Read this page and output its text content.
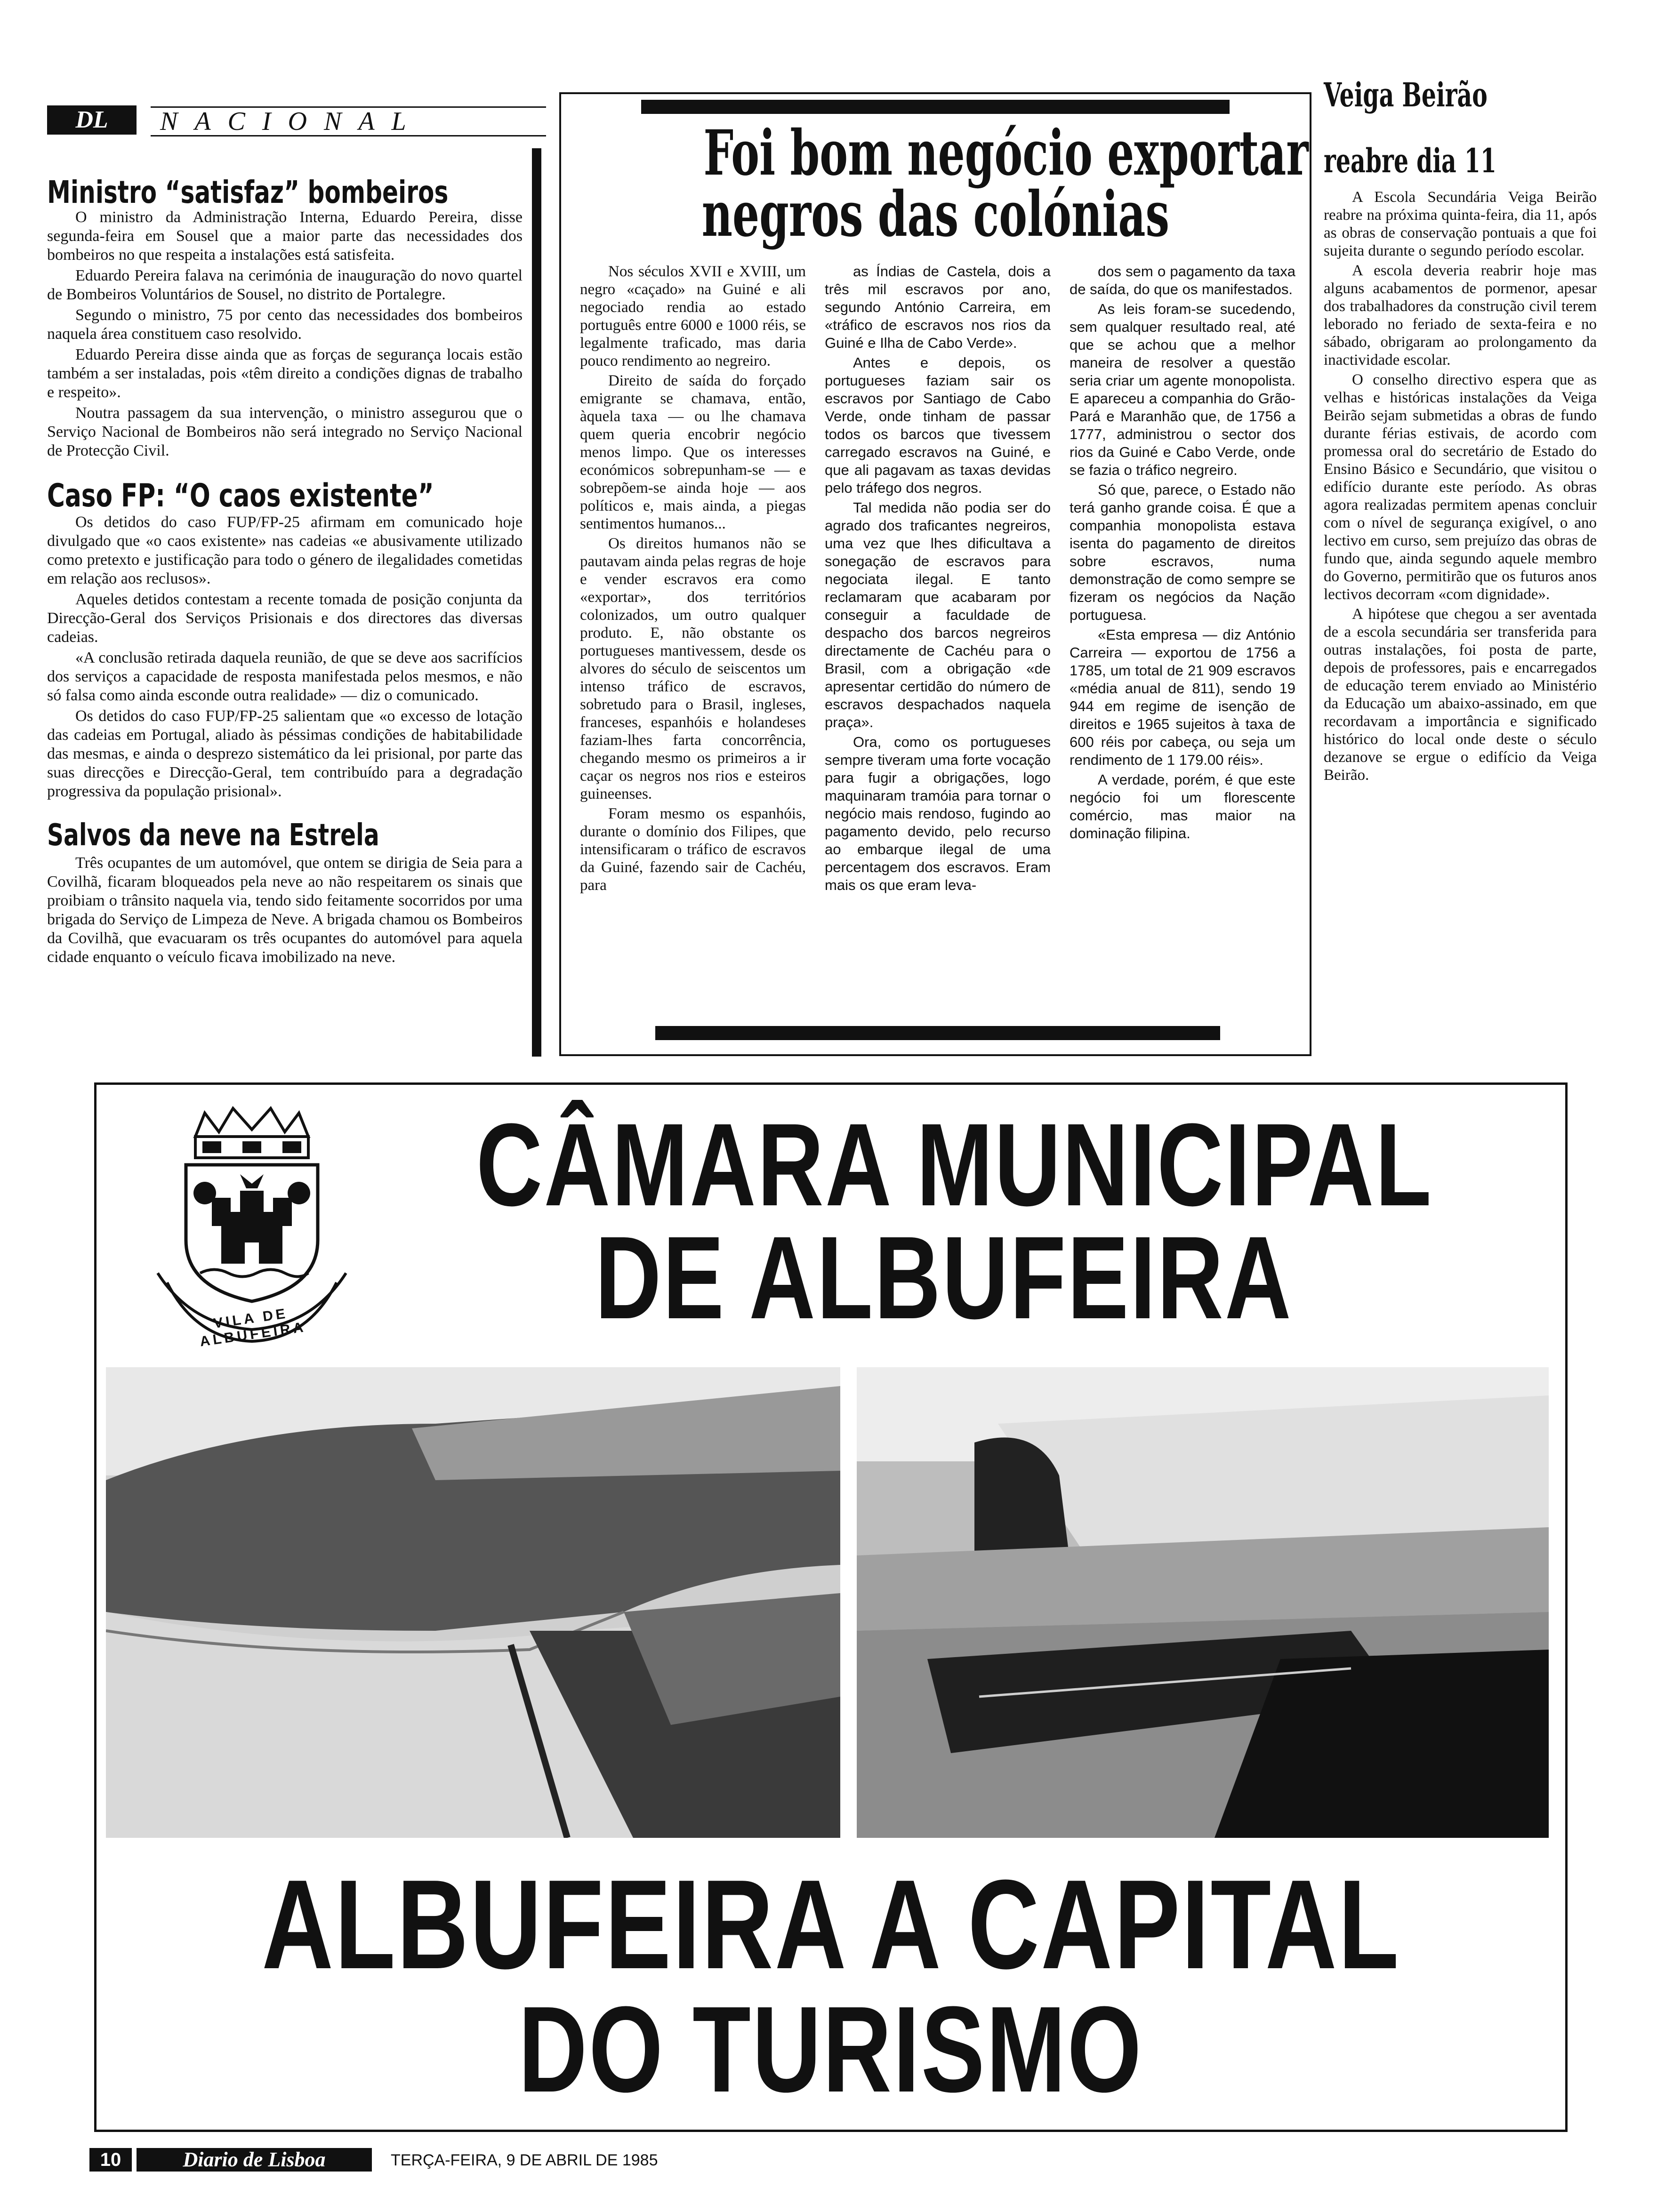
DL	NACIONAL
Ministro “satisfaz” bombeiros

O ministro da Administração Interna, Eduardo Pereira, disse segunda-feira em Sousel que a maior parte das necessidades dos bombeiros no que respeita a instalações está satisfeita.

Eduardo Pereira falava na cerimónia de inauguração do novo quartel de Bombeiros Voluntários de Sousel, no distrito de Portalegre.

Segundo o ministro, 75 por cento das necessidades dos bombeiros naquela área constituem caso resolvido.

Eduardo Pereira disse ainda que as forças de segurança locais estão também a ser instaladas, pois «têm direito a condições dignas de trabalho e respeito».

Noutra passagem da sua intervenção, o ministro assegurou que o Serviço Nacional de Bombeiros não será integrado no Serviço Nacional de Protecção Civil.

Caso FP: “O caos existente”

Os detidos do caso FUP/FP-25 afirmam em comunicado hoje divulgado que «o caos existente» nas cadeias «e abusivamente utilizado como pretexto e justificação para todo o género de ilegalidades cometidas em relação aos reclusos».

Aqueles detidos contestam a recente tomada de posição conjunta da Direcção-Geral dos Serviços Prisionais e dos directores das diversas cadeias.

«A conclusão retirada daquela reunião, de que se deve aos sacrifícios dos serviços a capacidade de resposta manifestada pelos mesmos, e não só falsa como ainda esconde outra realidade» — diz o comunicado.

Os detidos do caso FUP/FP-25 salientam que «o excesso de lotação das cadeias em Portugal, aliado às péssimas condições de habitabilidade das mesmas, e ainda o desprezo sistemático da lei prisional, por parte das suas direcções e Direcção-Geral, tem contribuído para a degradação progressiva da população prisional».

Salvos da neve na Estrela

Três ocupantes de um automóvel, que ontem se dirigia de Seia para a Covilhã, ficaram bloqueados pela neve ao não respeitarem os sinais que proibiam o trânsito naquela via, tendo sido feitamente socorridos por uma brigada do Serviço de Limpeza de Neve. A brigada chamou os Bombeiros da Covilhã, que evacuaram os três ocupantes do automóvel para aquela cidade enquanto o veículo ficava imobilizado na neve.

Foi bom negócio exportar
negros das colónias

Nos séculos XVII e XVIII, um negro «caçado» na Guiné e ali negociado rendia ao estado português entre 6000 e 1000 réis, se legalmente traficado, mas daria pouco rendimento ao negreiro.

Direito de saída do forçado emigrante se chamava, então, àquela taxa — ou lhe chamava quem queria encobrir negócio menos limpo. Que os interesses económicos sobrepunham-se — e sobrepõem-se ainda hoje — aos políticos e, mais ainda, a piegas sentimentos humanos...

Os direitos humanos não se pautavam ainda pelas regras de hoje e vender escravos era como «exportar», dos territórios colonizados, um outro qualquer produto. E, não obstante os portugueses mantivessem, desde os alvores do século de seiscentos um intenso tráfico de escravos, sobretudo para o Brasil, ingleses, franceses, espanhóis e holandeses faziam-lhes farta concorrência, chegando mesmo os primeiros a ir caçar os negros nos rios e esteiros guineenses.

Foram mesmo os espanhóis, durante o domínio dos Filipes, que intensificaram o tráfico de escravos da Guiné, fazendo sair de Cachéu, para

as Índias de Castela, dois a três mil escravos por ano, segundo António Carreira, em «tráfico de escravos nos rios da Guiné e Ilha de Cabo Verde».

Antes e depois, os portugueses faziam sair os escravos por Santiago de Cabo Verde, onde tinham de passar todos os barcos que tivessem carregado escravos na Guiné, e que ali pagavam as taxas devidas pelo tráfego dos negros.

Tal medida não podia ser do agrado dos traficantes negreiros, uma vez que lhes dificultava a sonegação de escravos para negociata ilegal. E tanto reclamaram que acabaram por conseguir a faculdade de despacho dos barcos negreiros directamente de Cachéu para o Brasil, com a obrigação «de apresentar certidão do número de escravos despachados naquela praça».

Ora, como os portugueses sempre tiveram uma forte vocação para fugir a obrigações, logo maquinaram tramóia para tornar o negócio mais rendoso, fugindo ao pagamento devido, pelo recurso ao embarque ilegal de uma percentagem dos escravos. Eram mais os que eram leva-

dos sem o pagamento da taxa de saída, do que os manifestados.

As leis foram-se sucedendo, sem qualquer resultado real, até que se achou que a melhor maneira de resolver a questão seria criar um agente monopolista. E apareceu a companhia do Grão-Pará e Maranhão que, de 1756 a 1777, administrou o sector dos rios da Guiné e Cabo Verde, onde se fazia o tráfico negreiro.

Só que, parece, o Estado não terá ganho grande coisa. É que a companhia monopolista estava isenta do pagamento de direitos sobre escravos, numa demonstração de como sempre se fizeram os negócios da Nação portuguesa.

«Esta empresa — diz António Carreira — exportou de 1756 a 1785, um total de 21 909 escravos «média anual de 811), sendo 19 944 em regime de isenção de direitos e 1965 sujeitos à taxa de 600 réis por cabeça, ou seja um rendimento de 1 179.00 réis».

A verdade, porém, é que este negócio foi um florescente comércio, mas maior na dominação filipina.

Veiga Beirão
reabre dia 11

A Escola Secundária Veiga Beirão reabre na próxima quinta-feira, dia 11, após as obras de conservação pontuais a que foi sujeita durante o segundo período escolar.

A escola deveria reabrir hoje mas alguns acabamentos de pormenor, apesar dos trabalhadores da construção civil terem leborado no feriado de sexta-feira e no sábado, obrigaram ao prolongamento da inactividade escolar.

O conselho directivo espera que as velhas e históricas instalações da Veiga Beirão sejam submetidas a obras de fundo durante férias estivais, de acordo com promessa oral do secretário de Estado do Ensino Básico e Secundário, que visitou o edifício durante este período. As obras agora realizadas permitem apenas concluir com o nível de segurança exigível, o ano lectivo em curso, sem prejuízo das obras de fundo que, ainda segundo aquele membro do Governo, permitirão que os futuros anos lectivos decorram «com dignidade».

A hipótese que chegou a ser aventada de a escola secundária ser transferida para outras instalações, foi posta de parte, depois de professores, pais e encarregados de educação terem enviado ao Ministério da Educação um abaixo-assinado, em que recordavam a importância e significado histórico do local onde deste o século dezanove se ergue o edifício da Veiga Beirão.

VILA DE ALBUFEIRA
CÂMARA MUNICIPAL
DE ALBUFEIRA
ALBUFEIRA A CAPITAL
DO TURISMO
10	Diario de Lisboa	TERÇA-FEIRA, 9 DE ABRIL DE 1985
